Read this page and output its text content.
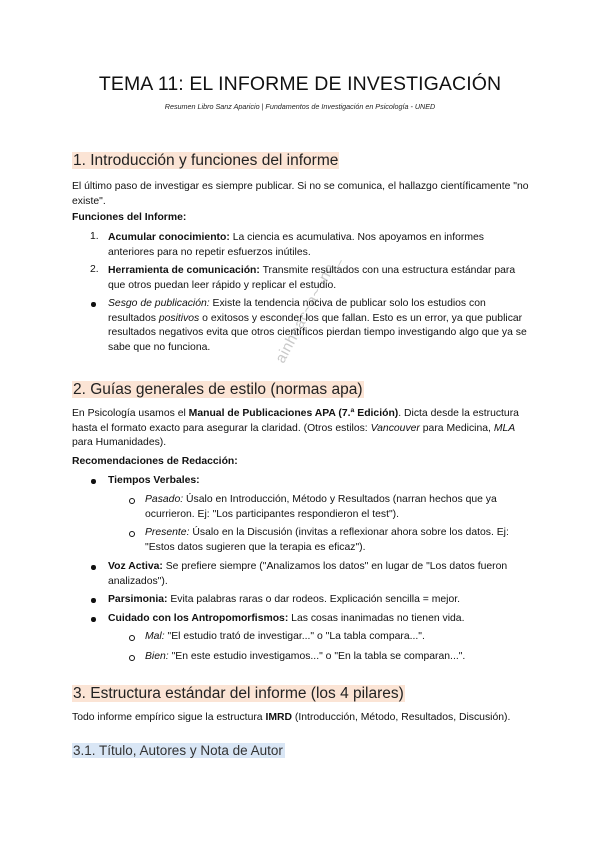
TEMA 11: EL INFORME DE INVESTIGACIÓN
Resumen Libro Sanz Aparicio | Fundamentos de Investigación en Psicología - UNED
ainhoac~a~~no_
1. Introducción y funciones del informe
El último paso de investigar es siempre publicar. Si no se comunica, el hallazgo científicamente "no existe".
Funciones del Informe:
1. Acumular conocimiento: La ciencia es acumulativa. Nos apoyamos en informes anteriores para no repetir esfuerzos inútiles.
2. Herramienta de comunicación: Transmite resultados con una estructura estándar para que otros puedan leer rápido y replicar el estudio.
Sesgo de publicación: Existe la tendencia nociva de publicar solo los estudios con resultados positivos o exitosos y esconder los que fallan. Esto es un error, ya que publicar resultados negativos evita que otros científicos pierdan tiempo investigando algo que ya se sabe que no funciona.
2. Guías generales de estilo (normas apa)
En Psicología usamos el Manual de Publicaciones APA (7.ª Edición). Dicta desde la estructura hasta el formato exacto para asegurar la claridad. (Otros estilos: Vancouver para Medicina, MLA para Humanidades).
Recomendaciones de Redacción:
Tiempos Verbales:
Pasado: Úsalo en Introducción, Método y Resultados (narran hechos que ya ocurrieron. Ej: "Los participantes respondieron el test").
Presente: Úsalo en la Discusión (invitas a reflexionar ahora sobre los datos. Ej: "Estos datos sugieren que la terapia es eficaz").
Voz Activa: Se prefiere siempre ("Analizamos los datos" en lugar de "Los datos fueron analizados").
Parsimonia: Evita palabras raras o dar rodeos. Explicación sencilla = mejor.
Cuidado con los Antropomorfismos: Las cosas inanimadas no tienen vida.
Mal: "El estudio trató de investigar..." o "La tabla compara...".
Bien: "En este estudio investigamos..." o "En la tabla se comparan...".
3. Estructura estándar del informe (los 4 pilares)
Todo informe empírico sigue la estructura IMRD (Introducción, Método, Resultados, Discusión).
3.1. Título, Autores y Nota de Autor
